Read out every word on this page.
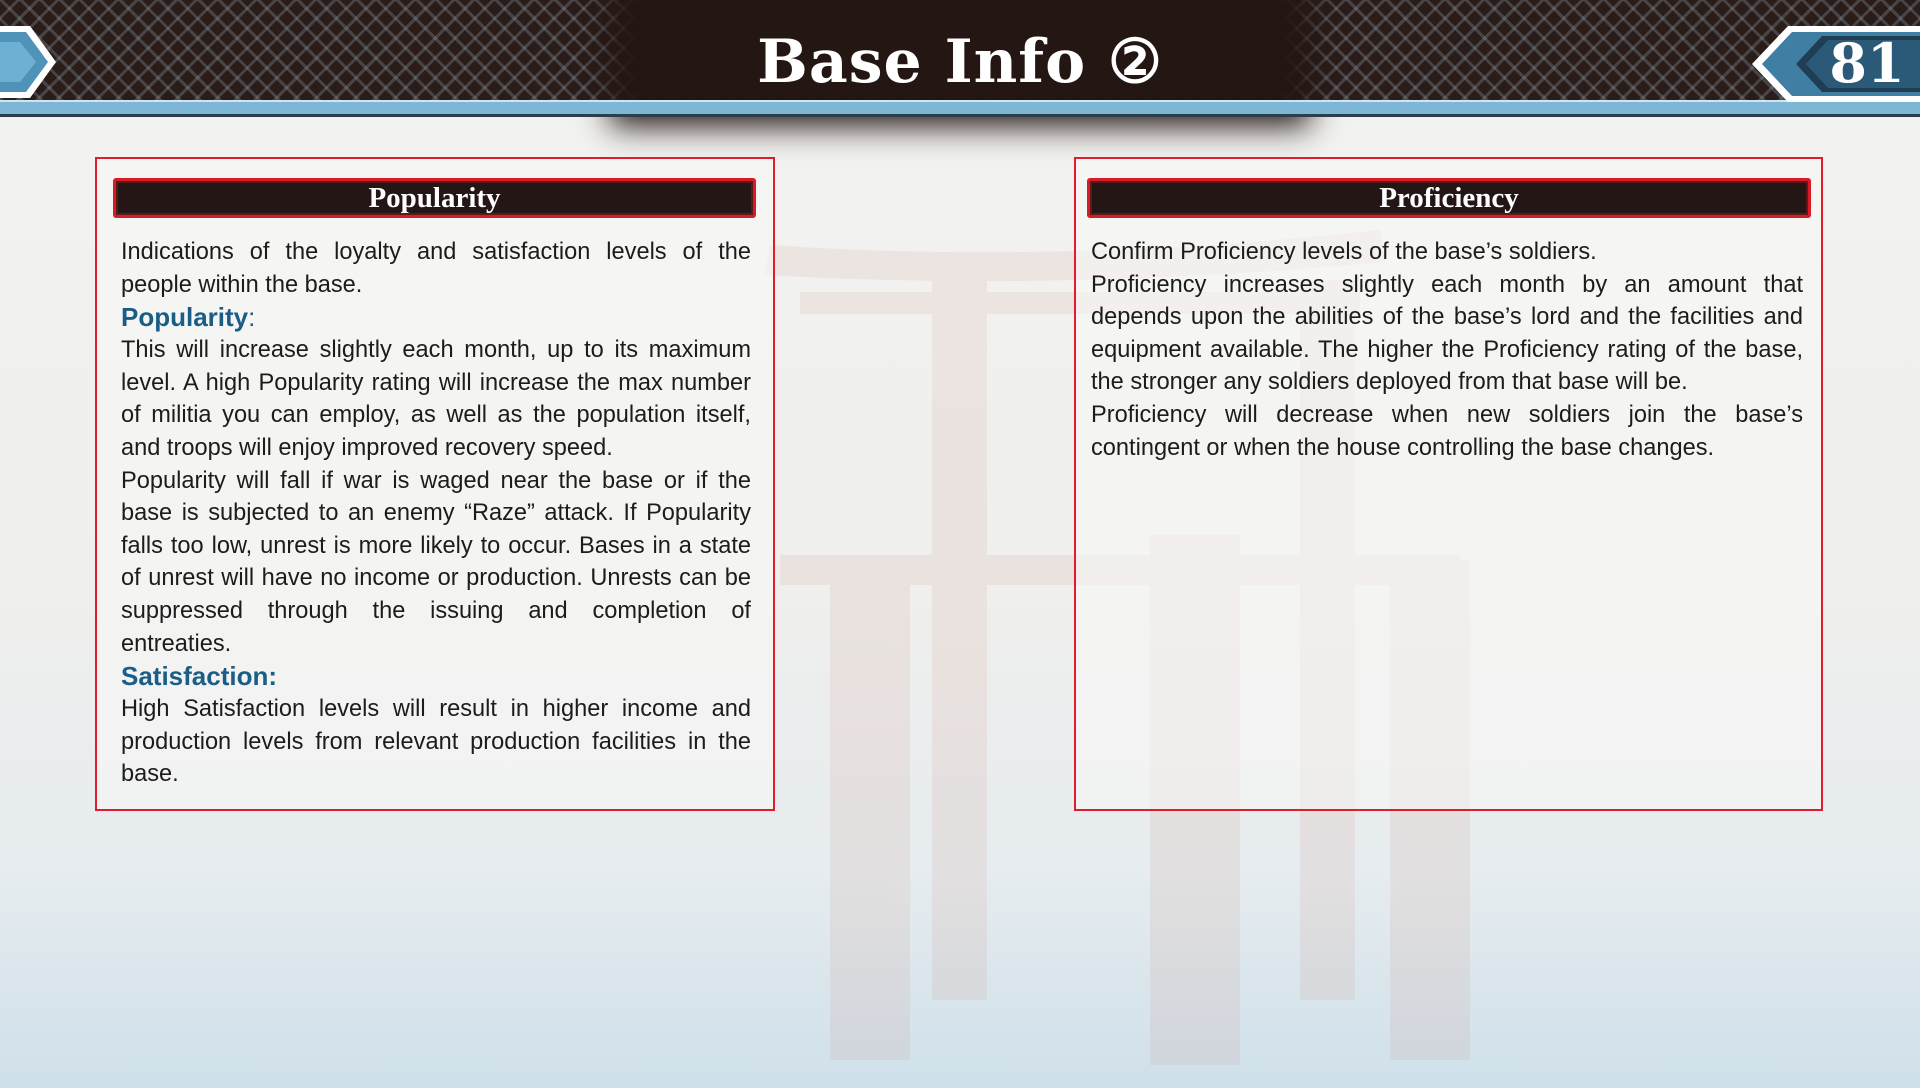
Base Info ②	81
Popularity

Indications of the loyalty and satisfaction levels of the people within the base.

Popularity:

This will increase slightly each month, up to its maximum level. A high Popularity rating will increase the max number of militia you can employ, as well as the population itself, and troops will enjoy improved recovery speed.

Popularity will fall if war is waged near the base or if the base is subjected to an enemy “Raze” attack. If Popularity falls too low, unrest is more likely to occur. Bases in a state of unrest will have no income or production. Unrests can be suppressed through the issuing and completion of entreaties.

Satisfaction:

High Satisfaction levels will result in higher income and production levels from relevant production facilities in the base.

Proficiency

Confirm Proficiency levels of the base’s soldiers.

Proficiency increases slightly each month by an amount that depends upon the abilities of the base’s lord and the facilities and equipment available. The higher the Proficiency rating of the base, the stronger any soldiers deployed from that base will be.

Proficiency will decrease when new soldiers join the base’s contingent or when the house controlling the base changes.
